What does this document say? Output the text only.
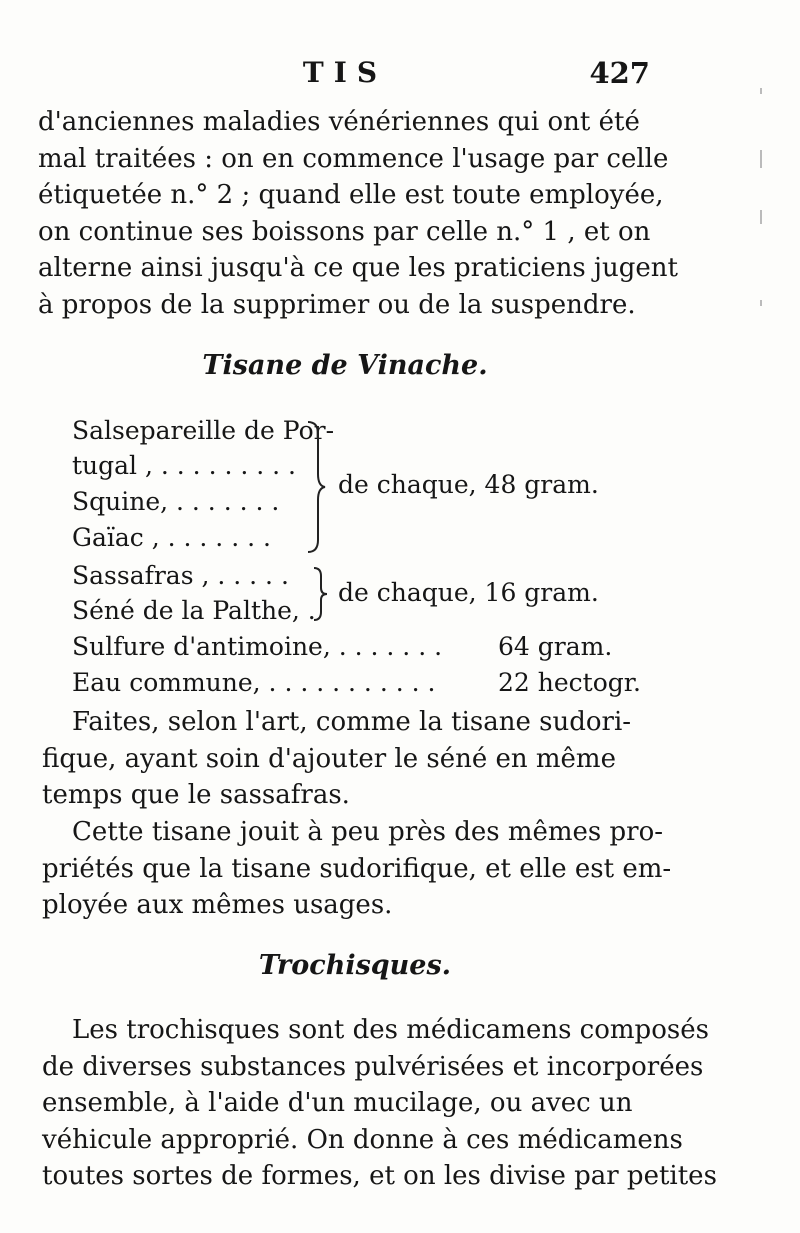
TIS	427
d'anciennes maladies vénériennes qui ont été
mal traitées : on en commence l'usage par celle
étiquetée n.° 2 ; quand elle est toute employée,
on continue ses boissons par celle n.° 1 , et on
alterne ainsi jusqu'à ce que les praticiens jugent
à propos de la supprimer ou de la suspendre.
Tisane de Vinache.
Salsepareille de Por-
tugal , . . . . . . . . .
Squine, . . . . . . .
Gaïac , . . . . . . .
de chaque, 48 gram.
Sassafras , . . . . .
Séné de la Palthe, .
de chaque, 16 gram.
Sulfure d'antimoine, . . . . . . . 64 gram.
Eau commune, . . . . . . . . . . .	22 hectogr.
Faites, selon l'art, comme la tisane sudori-
fique, ayant soin d'ajouter le séné en même
temps que le sassafras.
Cette tisane jouit à peu près des mêmes pro-
priétés que la tisane sudorifique, et elle est em-
ployée aux mêmes usages.
Trochisques.
Les trochisques sont des médicamens composés
de diverses substances pulvérisées et incorporées
ensemble, à l'aide d'un mucilage, ou avec un
véhicule approprié. On donne à ces médicamens
toutes sortes de formes, et on les divise par petites
